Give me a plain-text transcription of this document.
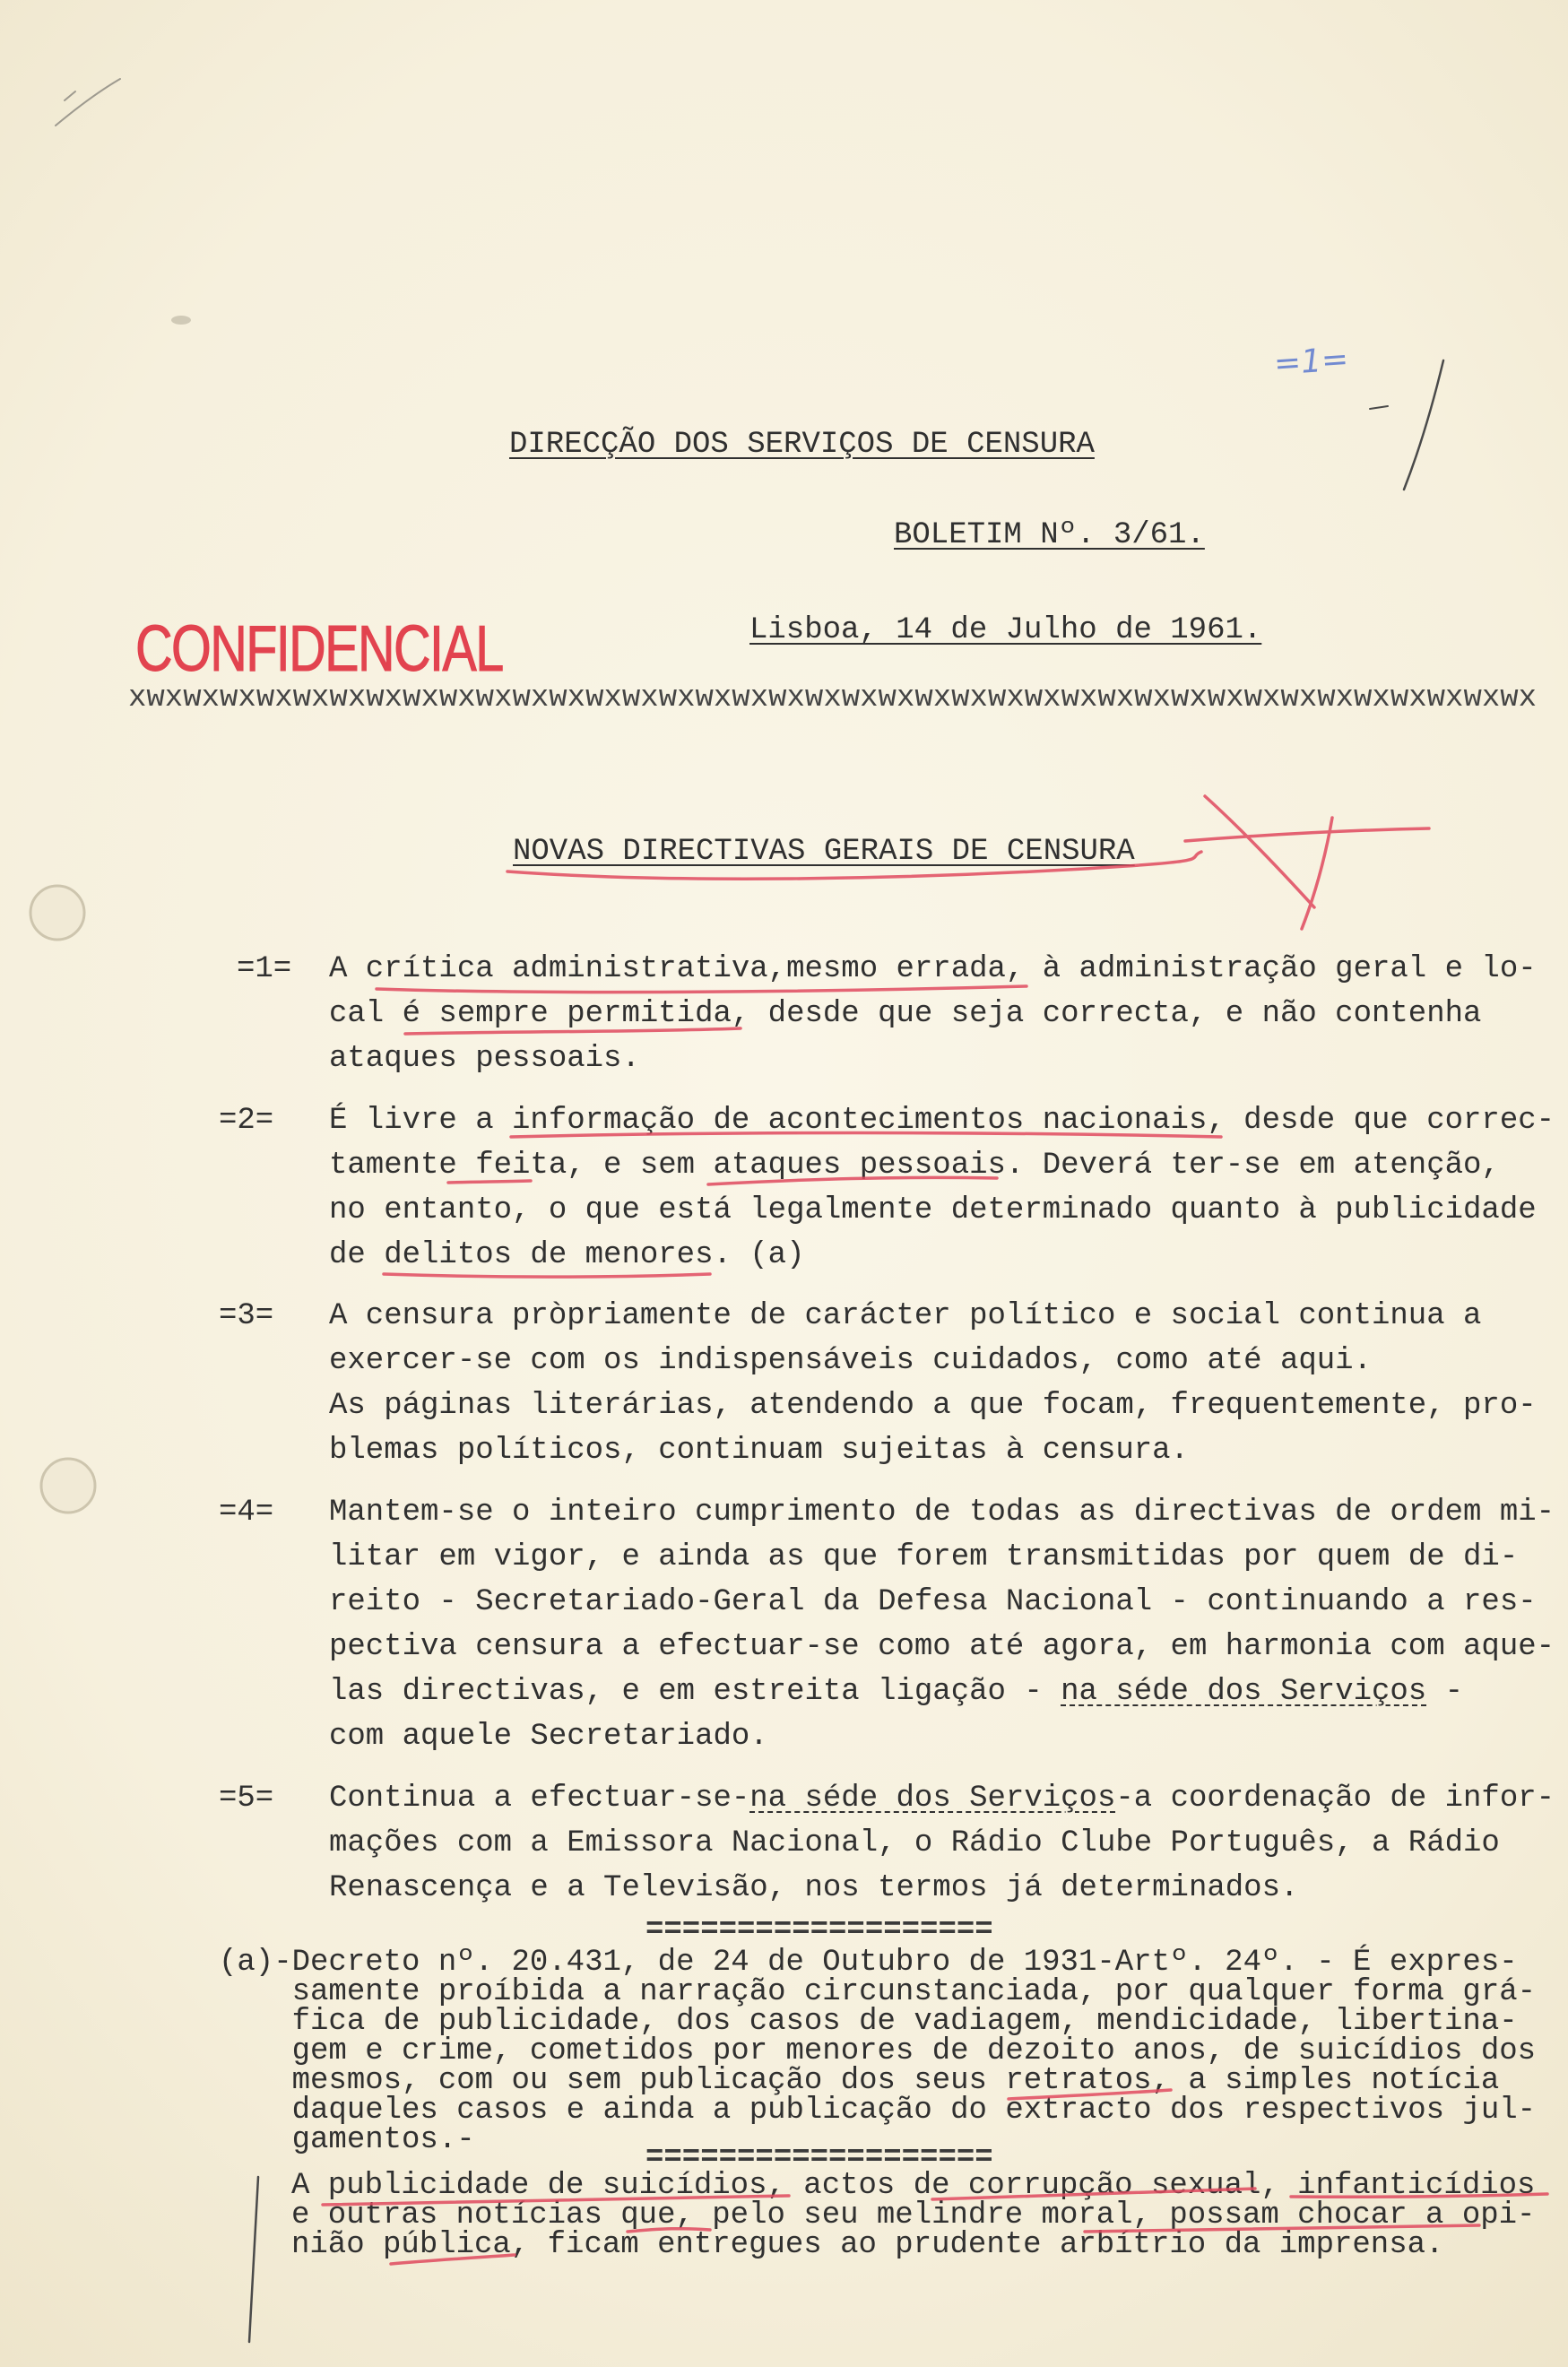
=1=
DIRECÇÃO DOS SERVIÇOS DE CENSURA
BOLETIM Nº. 3/61.
Lisboa, 14 de Julho de 1961.
CONFIDENCIAL
xwxwxwxwxwxwxwxwxwxwxwxwxwxwxwxwxwxwxwxwxwxwxwxwxwxwxwxwxwxwxwxwxwxwxwxwxwxwx
NOVAS DIRECTIVAS GERAIS DE CENSURA
=1= A crítica administrativa,mesmo errada, à administração geral e lo-
cal é sempre permitida, desde que seja correcta, e não contenha
ataques pessoais.
=2= É livre a informação de acontecimentos nacionais, desde que correc-
tamente feita, e sem ataques pessoais. Deverá ter-se em atenção,
no entanto, o que está legalmente determinado quanto à publicidade
de delitos de menores. (a)
=3= A censura pròpriamente de carácter político e social continua a
exercer-se com os indispensáveis cuidados, como até aqui.
As páginas literárias, atendendo a que focam, frequentemente, pro-
blemas políticos, continuam sujeitas à censura.
=4= Mantem-se o inteiro cumprimento de todas as directivas de ordem mi-
litar em vigor, e ainda as que forem transmitidas por quem de di-
reito - Secretariado-Geral da Defesa Nacional - continuando a res-
pectiva censura a efectuar-se como até agora, em harmonia com aque-
las directivas, e em estreita ligação - na séde dos Serviços -
com aquele Secretariado.
=5= Continua a efectuar-se-na séde dos Serviços-a coordenação de infor-
mações com a Emissora Nacional, o Rádio Clube Português, a Rádio
Renascença e a Televisão, nos termos já determinados.
===================
(a)-Decreto nº. 20.431, de 24 de Outubro de 1931-Artº. 24º. - É expres-
samente proíbida a narração circunstanciada, por qualquer forma grá-
fica de publicidade, dos casos de vadiagem, mendicidade, libertina-
gem e crime, cometidos por menores de dezoito anos, de suicídios dos
mesmos, com ou sem publicação dos seus retratos, a simples notícia
daqueles casos e ainda a publicação do extracto dos respectivos jul-
gamentos.-
===================
A publicidade de suicídios, actos de corrupção sexual, infanticídios
e outras notícias que, pelo seu melindre moral, possam chocar a opi-
nião pública, ficam entregues ao prudente arbítrio da imprensa.
